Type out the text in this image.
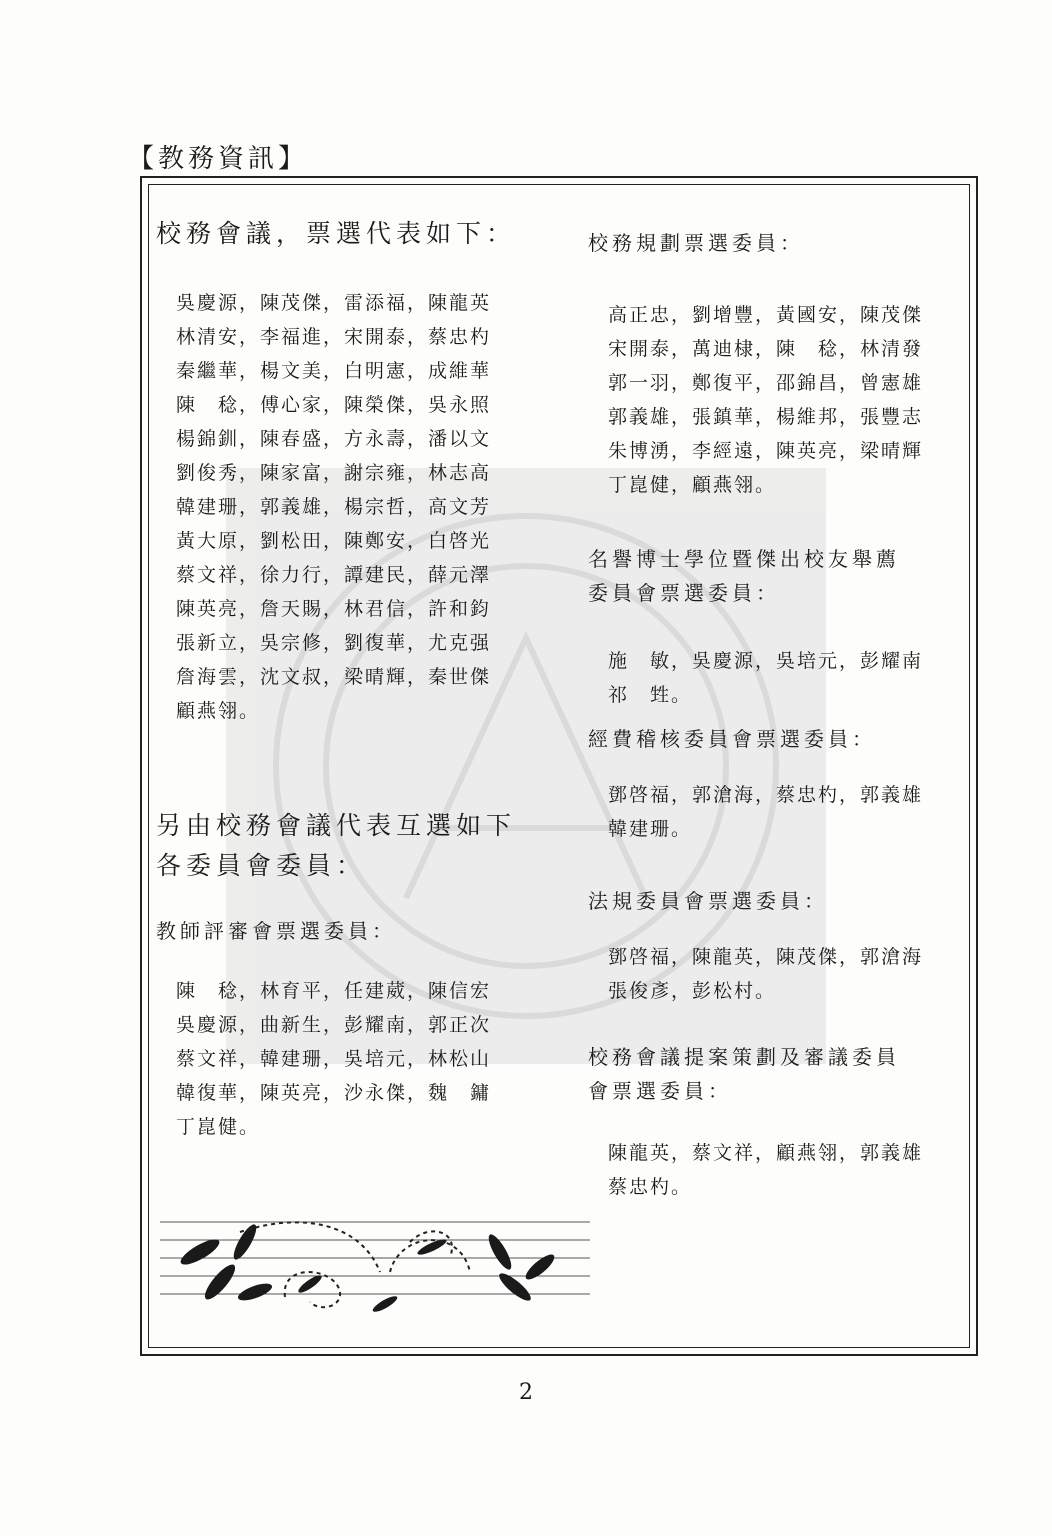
【教務資訊】

校務會議，票選代表如下：

吳慶源，陳茂傑，雷添福，陳龍英
林清安，李福進，宋開泰，蔡忠杓
秦繼華，楊文美，白明憲，成維華
陳　稔，傅心家，陳榮傑，吳永照
楊錦釧，陳春盛，方永壽，潘以文
劉俊秀，陳家富，謝宗雍，林志高
韓建珊，郭義雄，楊宗哲，高文芳
黃大原，劉松田，陳鄭安，白啓光
蔡文祥，徐力行，譚建民，薛元澤
陳英亮，詹天賜，林君信，許和鈞
張新立，吳宗修，劉復華，尤克强
詹海雲，沈文叔，梁晴輝，秦世傑
顧燕翎。

另由校務會議代表互選如下
各委員會委員：

教師評審會票選委員：

陳　稔，林育平，任建葳，陳信宏
吳慶源，曲新生，彭耀南，郭正次
蔡文祥，韓建珊，吳培元，林松山
韓復華，陳英亮，沙永傑，魏　鏞
丁崑健。

校務規劃票選委員：

高正忠，劉增豐，黃國安，陳茂傑
宋開泰，萬迪棣，陳　稔，林清發
郭一羽，鄭復平，邵錦昌，曾憲雄
郭義雄，張鎮華，楊維邦，張豐志
朱博湧，李經遠，陳英亮，梁晴輝
丁崑健，顧燕翎。

名譽博士學位暨傑出校友舉薦
委員會票選委員：

施　敏，吳慶源，吳培元，彭耀南
祁　甡。

經費稽核委員會票選委員：

鄧啓福，郭滄海，蔡忠杓，郭義雄
韓建珊。

法規委員會票選委員：

鄧啓福，陳龍英，陳茂傑，郭滄海
張俊彥，彭松村。

校務會議提案策劃及審議委員
會票選委員：

陳龍英，蔡文祥，顧燕翎，郭義雄
蔡忠杓。
2
